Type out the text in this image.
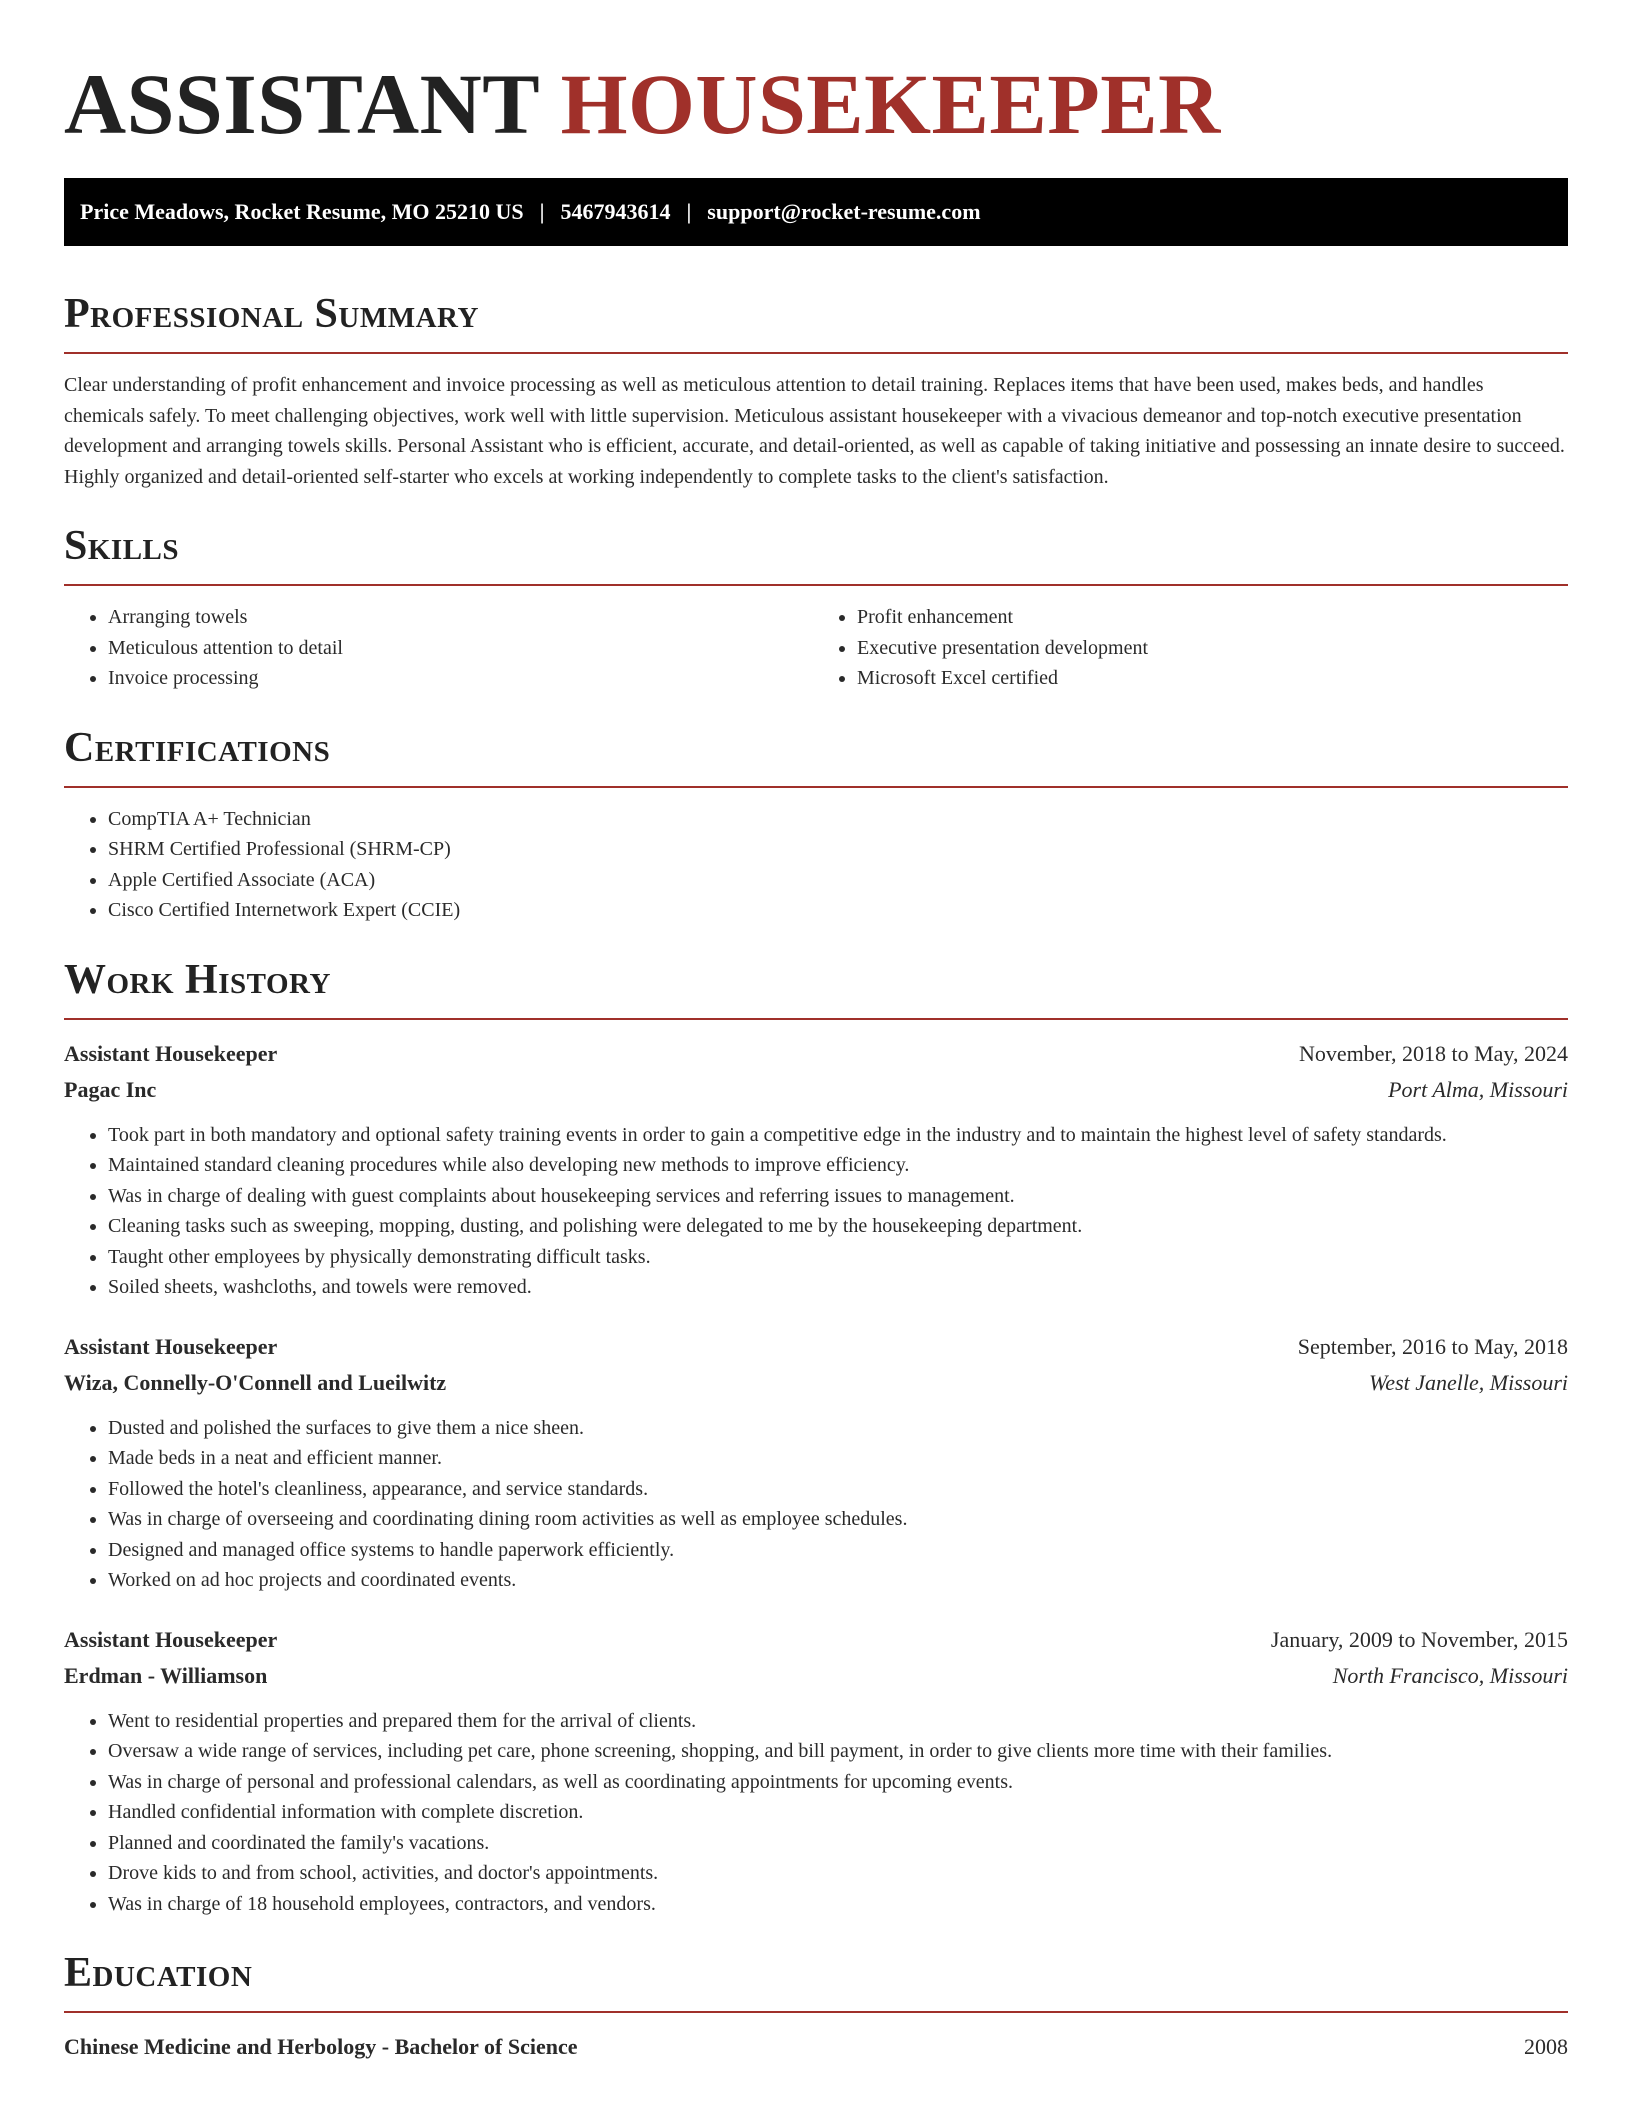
ASSISTANT HOUSEKEEPER
Price Meadows, Rocket Resume, MO 25210 US | 5467943614 | support@rocket-resume.com
Professional Summary

Clear understanding of profit enhancement and invoice processing as well as meticulous attention to detail training. Replaces items that have been used, makes beds, and handles chemicals safely. To meet challenging objectives, work well with little supervision. Meticulous assistant housekeeper with a vivacious demeanor and top-notch executive presentation development and arranging towels skills. Personal Assistant who is efficient, accurate, and detail-oriented, as well as capable of taking initiative and possessing an innate desire to succeed. Highly organized and detail-oriented self-starter who excels at working independently to complete tasks to the client's satisfaction.

Skills
• Arranging towels
• Meticulous attention to detail
• Invoice processing
• Profit enhancement
• Executive presentation development
• Microsoft Excel certified
Certifications
• CompTIA A+ Technician
• SHRM Certified Professional (SHRM-CP)
• Apple Certified Associate (ACA)
• Cisco Certified Internetwork Expert (CCIE)
Work History
Assistant Housekeeper	November, 2018 to May, 2024
Pagac Inc	Port Alma, Missouri
• Took part in both mandatory and optional safety training events in order to gain a competitive edge in the industry and to maintain the highest level of safety standards.
• Maintained standard cleaning procedures while also developing new methods to improve efficiency.
• Was in charge of dealing with guest complaints about housekeeping services and referring issues to management.
• Cleaning tasks such as sweeping, mopping, dusting, and polishing were delegated to me by the housekeeping department.
• Taught other employees by physically demonstrating difficult tasks.
• Soiled sheets, washcloths, and towels were removed.
Assistant Housekeeper	September, 2016 to May, 2018
Wiza, Connelly-O'Connell and Lueilwitz	West Janelle, Missouri
• Dusted and polished the surfaces to give them a nice sheen.
• Made beds in a neat and efficient manner.
• Followed the hotel's cleanliness, appearance, and service standards.
• Was in charge of overseeing and coordinating dining room activities as well as employee schedules.
• Designed and managed office systems to handle paperwork efficiently.
• Worked on ad hoc projects and coordinated events.
Assistant Housekeeper	January, 2009 to November, 2015
Erdman - Williamson	North Francisco, Missouri
• Went to residential properties and prepared them for the arrival of clients.
• Oversaw a wide range of services, including pet care, phone screening, shopping, and bill payment, in order to give clients more time with their families.
• Was in charge of personal and professional calendars, as well as coordinating appointments for upcoming events.
• Handled confidential information with complete discretion.
• Planned and coordinated the family's vacations.
• Drove kids to and from school, activities, and doctor's appointments.
• Was in charge of 18 household employees, contractors, and vendors.
Education
Chinese Medicine and Herbology - Bachelor of Science	2008
